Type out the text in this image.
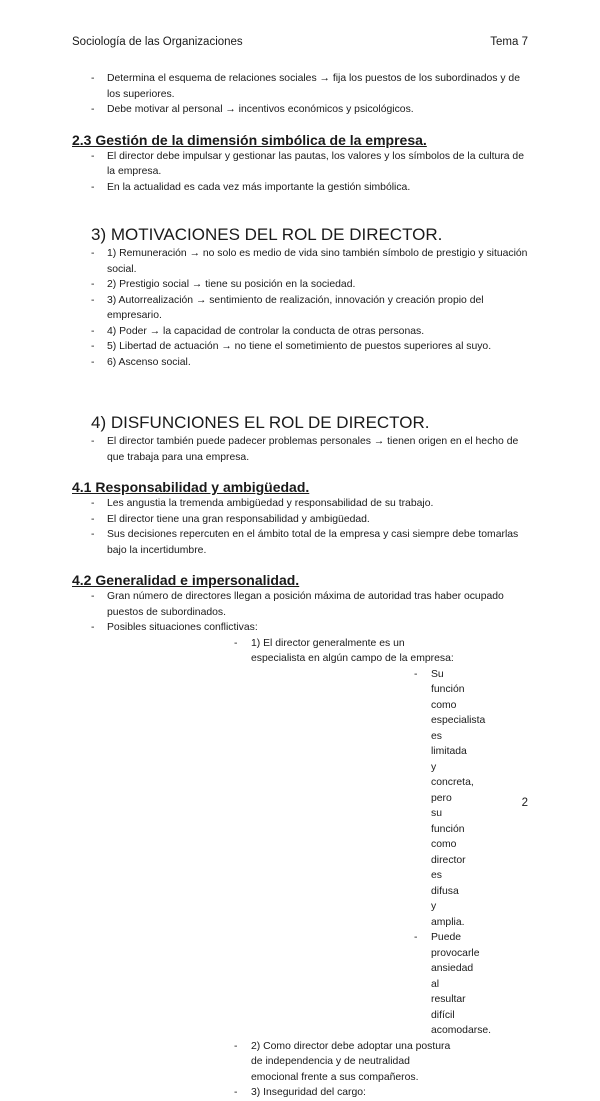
Sociología de las Organizaciones	Tema 7
- Determina el esquema de relaciones sociales → fija los puestos de los subordinados y de los superiores.
- Debe motivar al personal → incentivos económicos y psicológicos.
2.3 Gestión de la dimensión simbólica de la empresa.
- El director debe impulsar y gestionar las pautas, los valores y los símbolos de la cultura de la empresa.
- En la actualidad es cada vez más importante la gestión simbólica.
3) MOTIVACIONES DEL ROL DE DIRECTOR.
- 1) Remuneración → no solo es medio de vida sino también símbolo de prestigio y situación social.
- 2) Prestigio social → tiene su posición en la sociedad.
- 3) Autorrealización → sentimiento de realización, innovación y creación propio del empresario.
- 4) Poder → la capacidad de controlar la conducta de otras personas.
- 5) Libertad de actuación → no tiene el sometimiento de puestos superiores al suyo.
- 6) Ascenso social.
4) DISFUNCIONES EL ROL DE DIRECTOR.
- El director también puede padecer problemas personales → tienen origen en el hecho de que trabaja para una empresa.
4.1 Responsabilidad y ambigüedad.
- Les angustia la tremenda ambigüedad y responsabilidad de su trabajo.
- El director tiene una gran responsabilidad y ambigüedad.
- Sus decisiones repercuten en el ámbito total de la empresa y casi siempre debe tomarlas bajo la incertidumbre.
4.2 Generalidad e impersonalidad.
- Gran número de directores llegan a posición máxima de autoridad tras haber ocupado puestos de subordinados.
- Posibles situaciones conflictivas:
- 1) El director generalmente es un especialista en algún campo de la empresa:
- Su función como especialista es limitada y concreta, pero su función como director es difusa y amplia.
- Puede provocarle ansiedad al resultar difícil acomodarse.
- 2) Como director debe adoptar una postura de independencia y de neutralidad emocional frente a sus compañeros.
- 3) Inseguridad del cargo:
2
